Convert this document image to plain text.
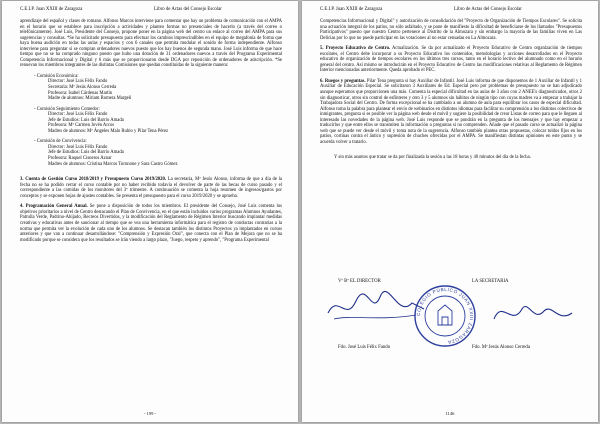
C.E.I.P. Juan XXIII de Zaragoza	Libro de Actas del Consejo Escolar
aprendizaje del español y clases de romano. Alfonso Marcos interviene para comentar que hay un problema de comunicación con el AMPA en el horario que se establece para inscripción a actividades y planteo formas no presenciales de hacerlo (a través del correo o telefónicamente). José Luis, Presidente del Consejo, propone poner en la página web del centro un enlace al correo del AMPA para sus sugerencias y consultas. *Se ha solicitado presupuesto para efectuar los cambios imprescindibles en el equipo de megafonía de forma que haya buena audición en todas las aulas y espacios y con 6 canales que permita modular el sonido de forma independiente. Alfonso interviene para preguntar si se compran ordenadores nuevos puesto que los hay buenos de segunda mano. José Luis informa de que hace tiempo que no se ha comprado ninguno puesto que hubo una dotación de 31 ordenadores nuevos a través del Programa Experimental Competencia Informacional y Digital y 6 más que se proporcionaron desde DGA por reposición de ordenadores de adscripción. *Se renuevan los miembros integrantes de las distintas Comisiones que quedan constituidas de la siguiente manera:

- Comisión Económica:

Director: José Luis Félix Fando

Secretaria: Mª Jesús Alonso Cerreda

Profesora: Isabel Cárdenas Martín

Madre de alumnos: Miriam Romera Margeli

- Comisión Seguimiento Comedor:

Director: José Luis Félix Fando

Jefe de Estudios: Luis del Barrio Amada

Profesora: Mª Carmen Jovén Arcos

Madres de alumnos: Mª Ángeles Malo Rubio y Pilar Tena Pérez

- Comisión de Convivencia:

Director: José Luis Félix Fando

Jefe de Estudios: Luis del Barrio Amada

Profesora: Raquel Cisneros Aznar

Madres de alumnos: Cristina Marcos Turnnone y Sara Castro Gómez

3. Cuenta de Gestión Curso 2018/2019 y Presupuesto Curso 2019/2020. La secretaria, Mª Jesús Alonso, informa de que a día de la fecha no se ha podido cerrar el curso contable por no haber recibido todavía el devolver de parte de las becas de curso pasado y el correspondiente a las comidas de los monitores del 3º trimestre. A continuación se comenta la hoja resumen de ingresos/gastos por conceptos y se exponen hojas de ajustes contables. Se presenta el presupuesto para el curso 2019/2020 y se aprueba.
4. Programación General Anual. Se pone a disposición de todos los miembros. El presidente del Consejo, José Luis comenta los objetivos prioritarios a nivel de Centro destacando el Plan de Convivencia, en el que están incluidos varios programas Alumnos Ayudantes, Patrulla Verde, Padrino-Ahijado, Recreos Divertidos, y la modificación del Reglamento de Régimen Interior buscando implantar medidas creativas y educativas antes de sancionar al tiempo que se vea una herramienta informática para el registro de conductas contrarias a la norma que permita ver la evolución de cada uno de los alumnos. Se destacan también los distintos Proyectos ya implantados en cursos anteriores y que van a continuar desarrollándose: "Comprensión y Expresión Oral", que conecta con el Plan de Mejora que no se ha modificado porque se considera que los resultados se irán viendo a largo plazo, "Juego, respeto y aprendo", "Programa Experimental
- 199 -
C.E.I.P. Juan XXIII de Zaragoza	Libro de Actas del Consejo Escolar
Competencias Informacional y Digital" y autorización de consolidación del "Proyecto de Organización de Tiempos Escolares". Se solicita una actuación integral de los patios, no sólo asfaltado, y se pone de manifiesto la dificultad de beneficiarse de los llamados "Presupuestos Participativos" puesto que nuestro Centro pertenece al Distrito de la Almozara y sin embargo la mayoría de las familias viven en Las Delicias por lo que no puede participar en las votaciones al no estar censadas en La Almozara.
5. Proyecto Educativo de Centro. Actualización. Se da por actualizado el Proyecto Educativo de Centro organización de tiempos escolares, el Centro debe incorporar a su Proyecto Educativo los contenidos, metodologías y acciones desarrollados en el Proyecto educativo de organización de tiempos escolares en los últimos tres cursos, tanto en el horario lectivo del alumnado como en el horario general del centro. Así mismo se introducirán en el Proyecto Educativo de Centro las modificaciones relativas al Reglamento de Régimen Interior mencionadas anteriormente. Queda aprobado el PEC.
6. Ruegos y preguntas. Pilar Tena pregunta si hay Auxiliar de Infantil. José Luis informa de que disponemos de 1 Auxiliar de Infantil y 1 Auxiliar de Educación Especial. Se solicitaron 3 Auxiliares de Ed. Especial pero por problemas de presupuesto no se han adjudicado aunque esperamos que proporcionen una más. Comenta la especial dificultad en las aulas de 3 años con 2 ANEE's diagnosticados, otros 2 sin diagnosticar, otros sin control de esfínteres y otro 3 y 5 alumnos sin hábitos de ningún tipo con cuyas madres va a empezar a trabajar la Trabajadora Social del Centro. De forma excepcional se ha cambiado a un alumno de aula para equilibrar los casos de especial dificultad. Alfonso toma la palabra para plantear el envío de webinarios en distintos idiomas para facilitar su comprensión a los distintos colectivos de inmigrantes, pregunta si es posible ver la página web desde el móvil y sugiere la posibilidad de crear Listas de correo para que le lleguen al interesado las novedades de la página web. José Luis responde que se pondrán en la pregunta de los mensajes y que hay empezar a traducirlos y que entre ellos se transmiten la información o preguntas si no comprenden. Añade que el pasado curso se actualizó la página web que se puede ver desde el móvil y toma nota de la sugerencia. Alfonso también plantea otras propuestas, colocar toldos fijos en los patios, cortinas contra el ántico y supresión de chuches ofrecidas por el AMPA. Se manifiestan distintas opiniones en este punto y se acuerda volver a tratarlo.
Y sin más asuntos que tratar se da por finalizada la sesión a las 18 horas y 40 minutos del día de la fecha.
Vº Bº EL DIRECTOR	LA SECRETARIA
COLEGIO PÚBLICO JUAN XXIII ZARAGOZA
Fdo. José Luis Félix Fando	Fdo. Mª Jesús Alonso Cerreda
1146
